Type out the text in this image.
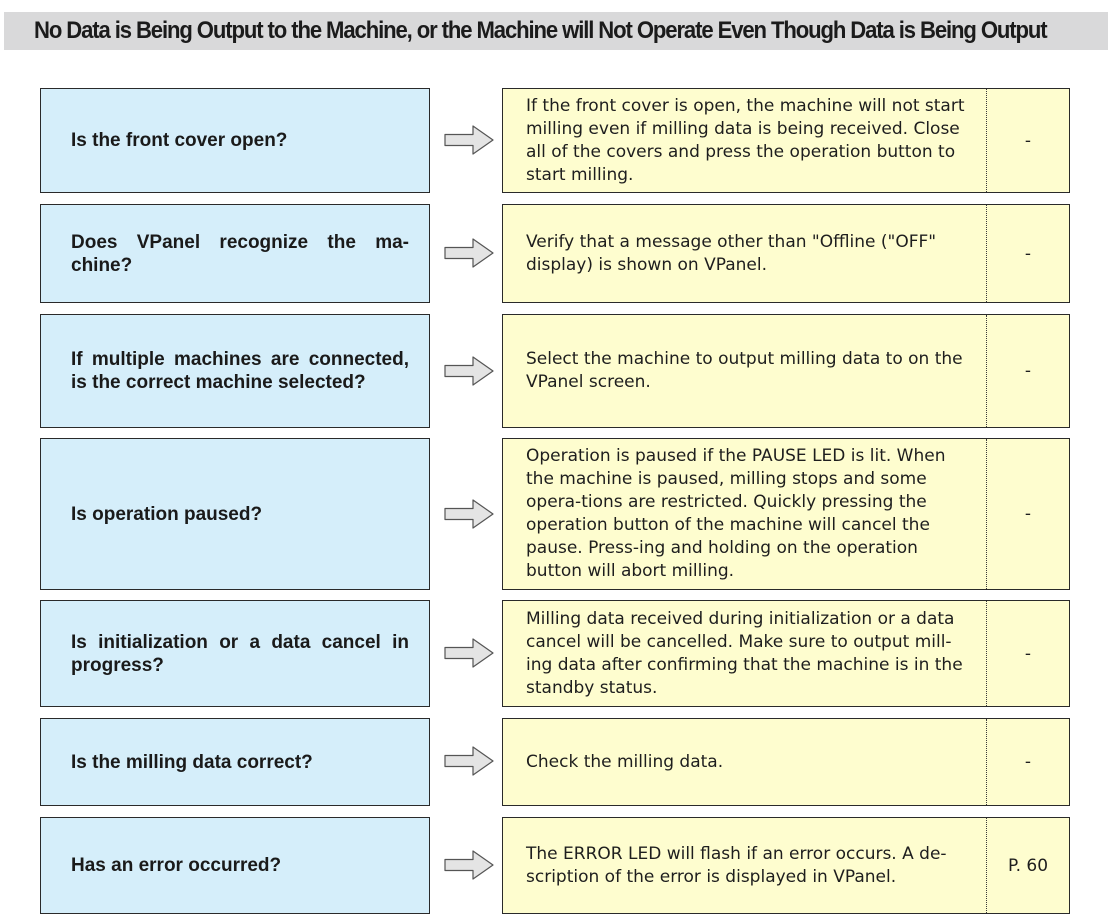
No Data is Being Output to the Machine, or the Machine will Not Operate Even Though Data is Being Output
Is the front cover open?
If the front cover is open, the machine will not start milling even if milling data is being received. Close all of the covers and press the operation button to start milling.
-
Does VPanel recognize the ma-chine?
Verify that a message other than "Offline ("OFF" display) is shown on VPanel.
-
If multiple machines are connected, is the correct machine selected?
Select the machine to output milling data to on the VPanel screen.
-
Is operation paused?
Operation is paused if the PAUSE LED is lit. When the machine is paused, milling stops and some opera-tions are restricted. Quickly pressing the operation button of the machine will cancel the pause. Press-ing and holding on the operation button will abort milling.
-
Is initialization or a data cancel in progress?
Milling data received during initialization or a data cancel will be cancelled. Make sure to output mill-ing data after confirming that the machine is in the standby status.
-
Is the milling data correct?	Check the milling data.	-
Has an error occurred?
The ERROR LED will flash if an error occurs. A de-scription of the error is displayed in VPanel.
P. 60
